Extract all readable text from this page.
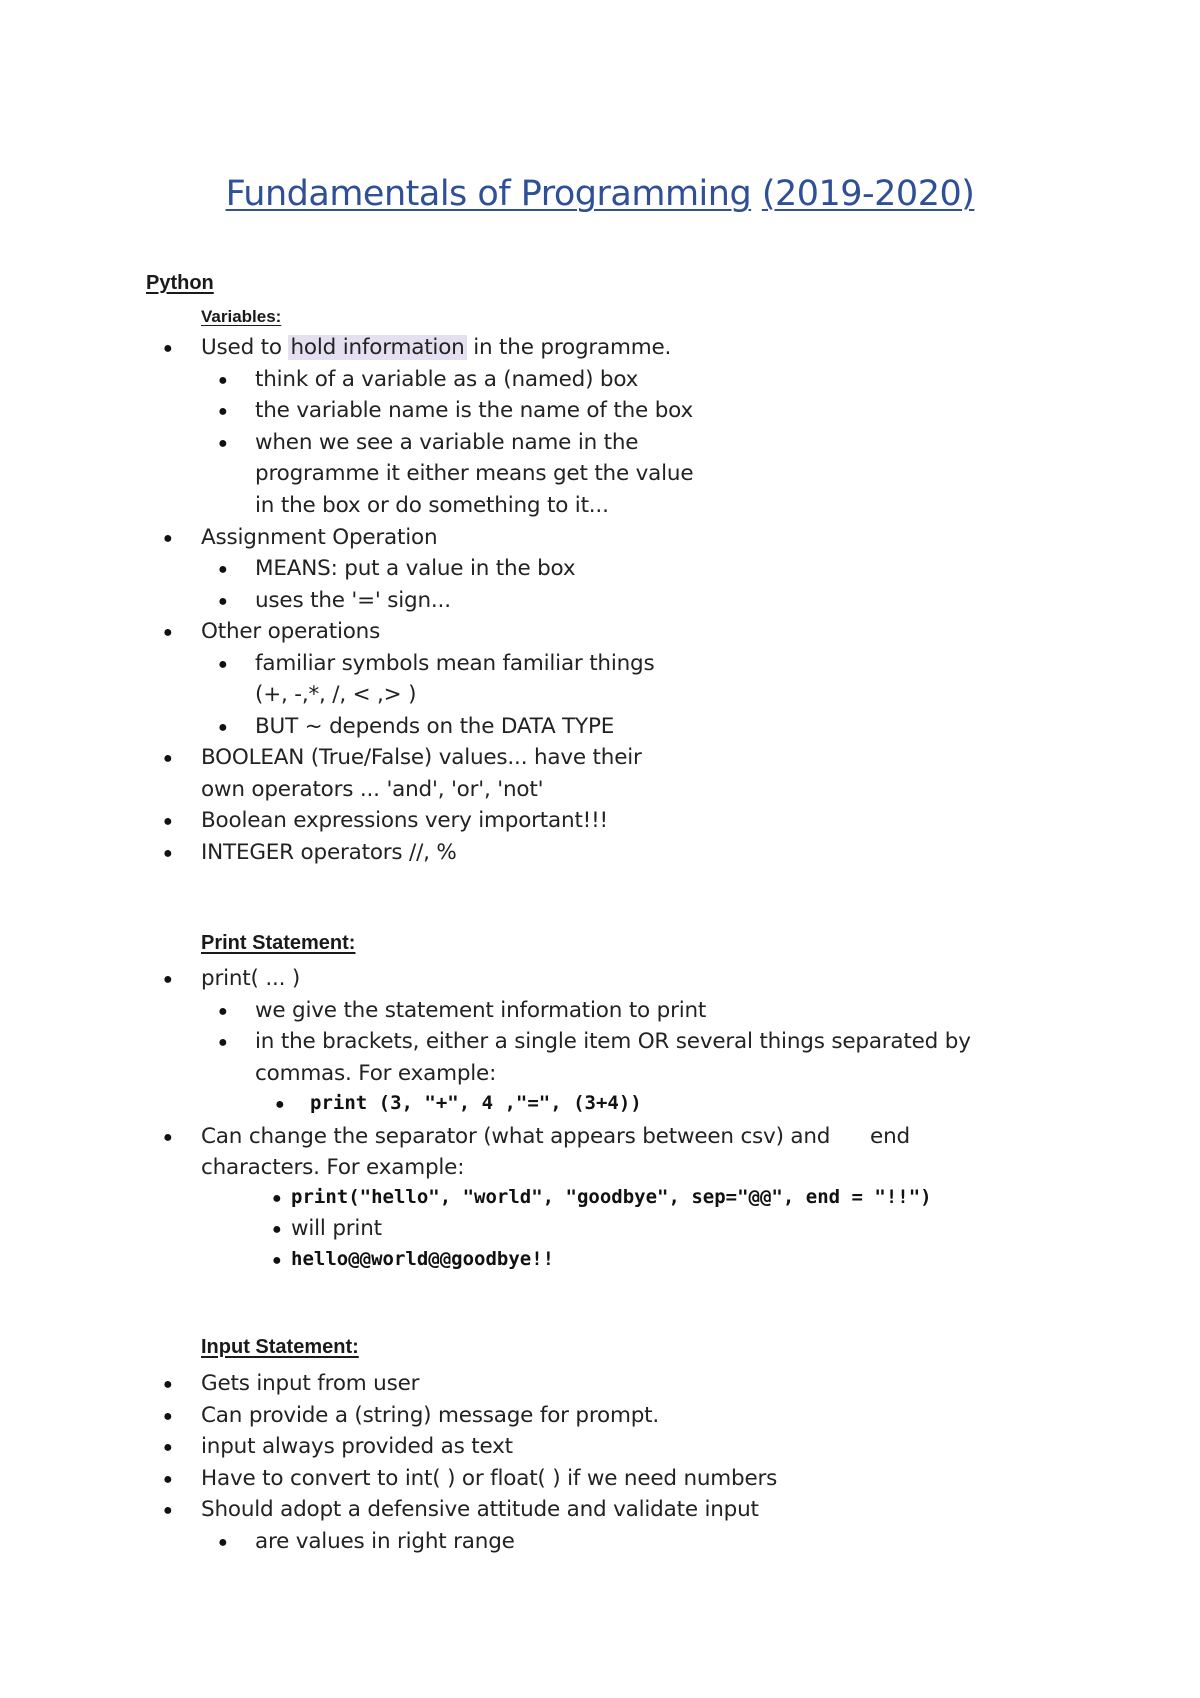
Fundamentals of Programming (2019-2020)
Python
Variables:
● Used to hold information in the programme.
● think of a variable as a (named) box
● the variable name is the name of the box
● when we see a variable name in the
programme it either means get the value
in the box or do something to it...
● Assignment Operation
● MEANS: put a value in the box
● uses the '=' sign...
● Other operations
● familiar symbols mean familiar things
(+, -,*, /, < ,> )
● BUT ~ depends on the DATA TYPE
● BOOLEAN (True/False) values... have their
own operators ... 'and', 'or', 'not'
● Boolean expressions very important!!!
● INTEGER operators //, %
Print Statement:
● print( ... )
● we give the statement information to print
● in the brackets, either a single item OR several things separated by
commas. For example:
● print (3, "+", 4 ,"=", (3+4))
● Can change the separator (what appears between csv) and      end
characters. For example:
● print("hello", "world", "goodbye", sep="@@", end = "!!")
● will print
● hello@@world@@goodbye!!
Input Statement:
● Gets input from user
● Can provide a (string) message for prompt.
● input always provided as text
● Have to convert to int( ) or float( ) if we need numbers
● Should adopt a defensive attitude and validate input
● are values in right range
